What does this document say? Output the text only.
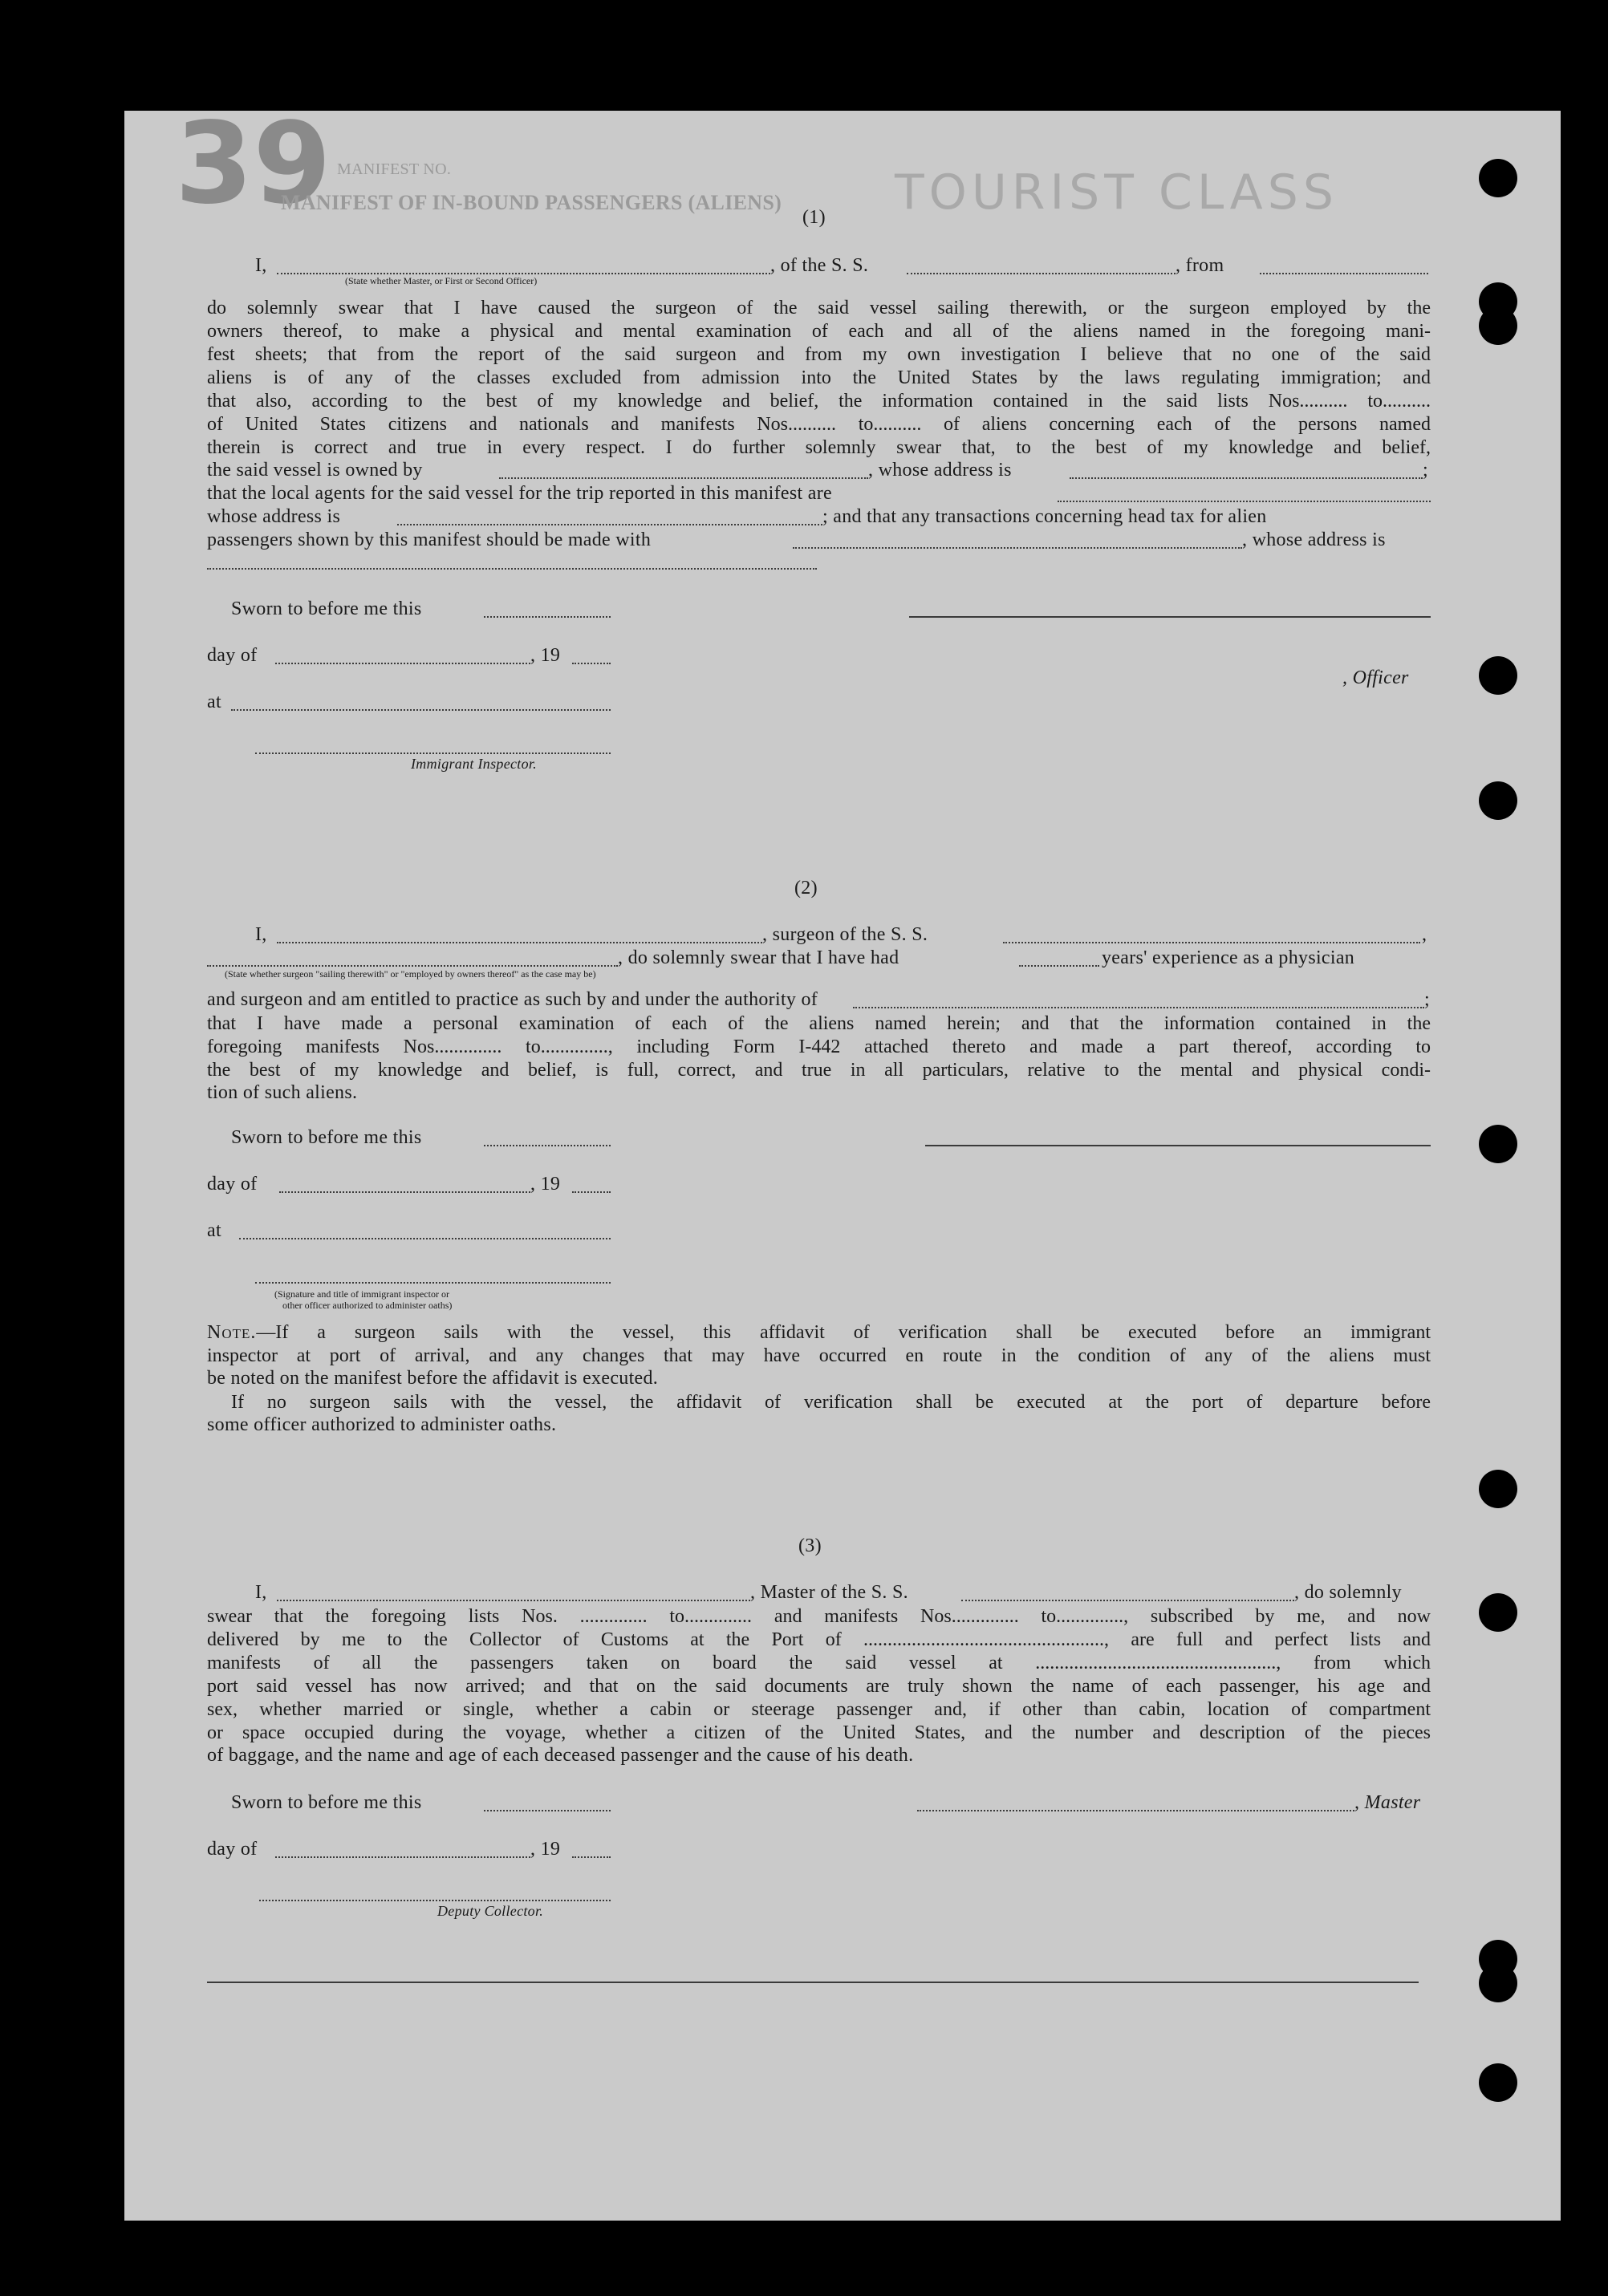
39 MANIFEST NO.
MANIFEST OF IN-BOUND PASSENGERS (ALIENS) TOURIST CLASS
(1)
I,	, of the S. S.	, from
(State whether Master, or First or Second Officer)
do solemnly swear that I have caused the surgeon of the said vessel sailing therewith, or the surgeon employed by the
owners thereof, to make a physical and mental examination of each and all of the aliens named in the foregoing mani-
fest sheets; that from the report of the said surgeon and from my own investigation I believe that no one of the said
aliens is of any of the classes excluded from admission into the United States by the laws regulating immigration; and
that also, according to the best of my knowledge and belief, the information contained in the said lists Nos.......... to..........
of United States citizens and nationals and manifests Nos.......... to.......... of aliens concerning each of the persons named
therein is correct and true in every respect. I do further solemnly swear that, to the best of my knowledge and belief,
the said vessel is owned by	, whose address is	;
that the local agents for the said vessel for the trip reported in this manifest are
whose address is	; and that any transactions concerning head tax for alien
passengers shown by this manifest should be made with	, whose address is
Sworn to before me this
day of	, 19
, Officer
at
Immigrant Inspector.
(2)
I,	, surgeon of the S. S.	,
, do solemnly swear that I have had	years' experience as a physician
(State whether surgeon "sailing therewith" or "employed by owners thereof" as the case may be)
and surgeon and am entitled to practice as such by and under the authority of	;
that I have made a personal examination of each of the aliens named herein; and that the information contained in the
foregoing manifests Nos.............. to.............., including Form I-442 attached thereto and made a part thereof, according to
the best of my knowledge and belief, is full, correct, and true in all particulars, relative to the mental and physical condi-
tion of such aliens.
Sworn to before me this
day of	, 19
at
(Signature and title of immigrant inspector or
other officer authorized to administer oaths)
Note.—If a surgeon sails with the vessel, this affidavit of verification shall be executed before an immigrant
inspector at port of arrival, and any changes that may have occurred en route in the condition of any of the aliens must
be noted on the manifest before the affidavit is executed.
If no surgeon sails with the vessel, the affidavit of verification shall be executed at the port of departure before
some officer authorized to administer oaths.
(3)
I,	, Master of the S. S.	, do solemnly
swear that the foregoing lists Nos. .............. to.............. and manifests Nos.............. to.............., subscribed by me, and now
delivered by me to the Collector of Customs at the Port of .................................................., are full and perfect lists and
manifests of all the passengers taken on board the said vessel at .................................................., from which
port said vessel has now arrived; and that on the said documents are truly shown the name of each passenger, his age and
sex, whether married or single, whether a cabin or steerage passenger and, if other than cabin, location of compartment
or space occupied during the voyage, whether a citizen of the United States, and the number and description of the pieces
of baggage, and the name and age of each deceased passenger and the cause of his death.
Sworn to before me this	, Master
day of	, 19
Deputy Collector.
